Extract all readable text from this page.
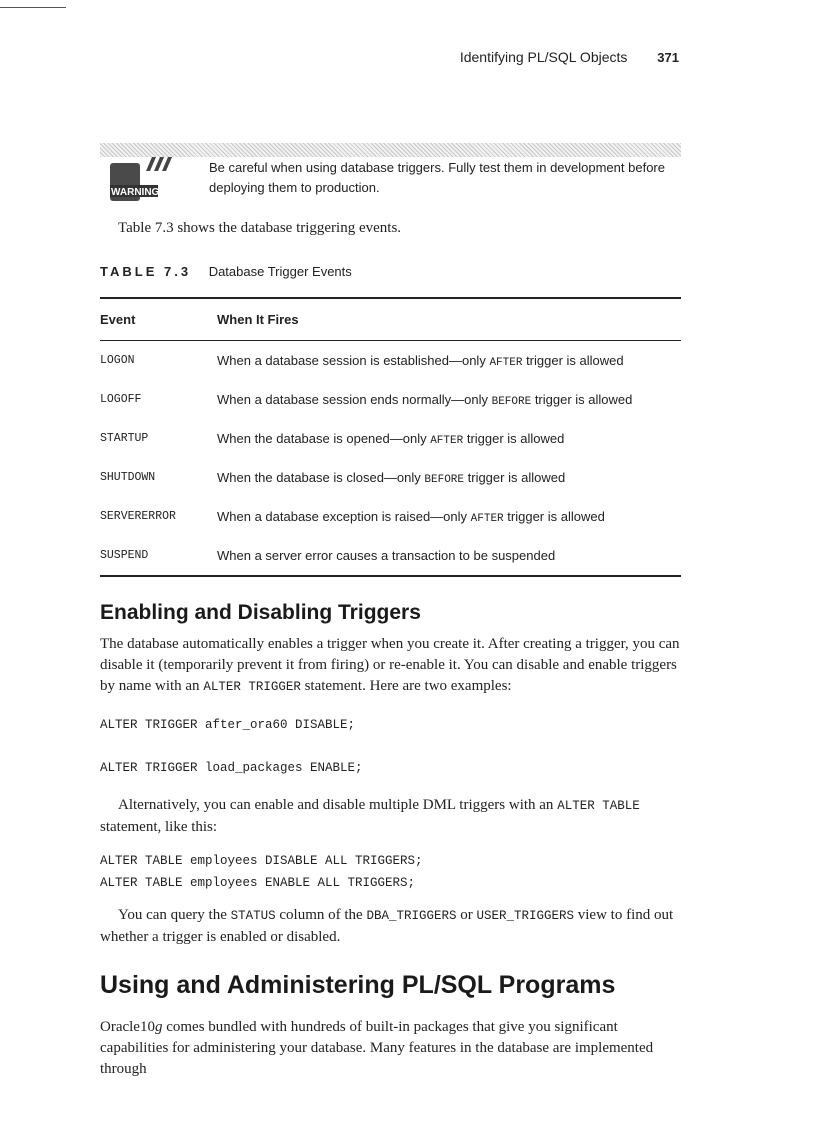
Identifying PL/SQL Objects 371
WARNING
Be careful when using database triggers. Fully test them in development before deploying them to production.
Table 7.3 shows the database triggering events.
TABLE 7.3 Database Trigger Events
Event	When It Fires
LOGON	When a database session is established—only AFTER trigger is allowed
LOGOFF	When a database session ends normally—only BEFORE trigger is allowed
STARTUP	When the database is opened—only AFTER trigger is allowed
SHUTDOWN	When the database is closed—only BEFORE trigger is allowed
SERVERERROR	When a database exception is raised—only AFTER trigger is allowed
SUSPEND	When a server error causes a transaction to be suspended
Enabling and Disabling Triggers
The database automatically enables a trigger when you create it. After creating a trigger, you can disable it (temporarily prevent it from firing) or re-enable it. You can disable and enable triggers by name with an ALTER TRIGGER statement. Here are two examples:
ALTER TRIGGER after_ora60 DISABLE;
ALTER TRIGGER load_packages ENABLE;
Alternatively, you can enable and disable multiple DML triggers with an ALTER TABLE statement, like this:
ALTER TABLE employees DISABLE ALL TRIGGERS;
ALTER TABLE employees ENABLE ALL TRIGGERS;
You can query the STATUS column of the DBA_TRIGGERS or USER_TRIGGERS view to find out whether a trigger is enabled or disabled.
Using and Administering PL/SQL Programs
Oracle10g comes bundled with hundreds of built-in packages that give you significant capabilities for administering your database. Many features in the database are implemented through
